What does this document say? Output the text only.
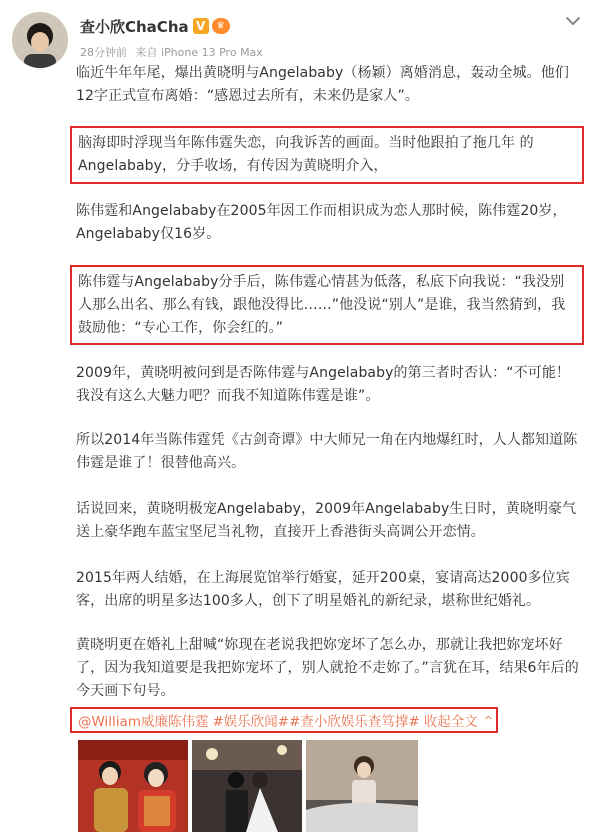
查小欣ChaCha V	♛
28分钟前 来自 iPhone 13 Pro Max
临近牛年年尾，爆出黄晓明与Angelababy（杨颖）离婚消息，轰动全城。他们12字正式宣布离婚：“感恩过去所有，未来仍是家人”。
脑海即时浮现当年陈伟霆失恋，向我诉苦的画面。当时他跟拍了拖几年 的Angelababy，分手收场，有传因为黄晓明介入，
陈伟霆和Angelababy在2005年因工作而相识成为恋人那时候，陈伟霆20岁，Angelababy仅16岁。
陈伟霆与Angelababy分手后，陈伟霆心情甚为低落，私底下向我说：“我没别人那么出名、那么有钱，跟他没得比……”他没说“别人”是谁，我当然猜到，我鼓励他：“专心工作，你会红的。”
2009年，黄晓明被问到是否陈伟霆与Angelababy的第三者时否认：“不可能！我没有这么大魅力吧？而我不知道陈伟霆是谁”。
所以2014年当陈伟霆凭《古剑奇谭》中大师兄一角在内地爆红时，人人都知道陈伟霆是谁了！很替他高兴。
话说回来，黄晓明极宠Angelababy，2009年Angelababy生日时，黄晓明豪气送上豪华跑车蓝宝坚尼当礼物，直接开上香港街头高调公开恋情。
2015年两人结婚，在上海展览馆举行婚宴，延开200桌，宴请高达2000多位宾客，出席的明星多达100多人，创下了明星婚礼的新纪录，堪称世纪婚礼。
黄晓明更在婚礼上甜喊“妳现在老说我把妳宠坏了怎么办，那就让我把妳宠坏好了，因为我知道要是我把妳宠坏了，别人就抢不走妳了。”言犹在耳，结果6年后的今天画下句号。
@William威廉陈伟霆 #娱乐欣闻# #查小欣娱乐查笃撑# 收起全文 ^
